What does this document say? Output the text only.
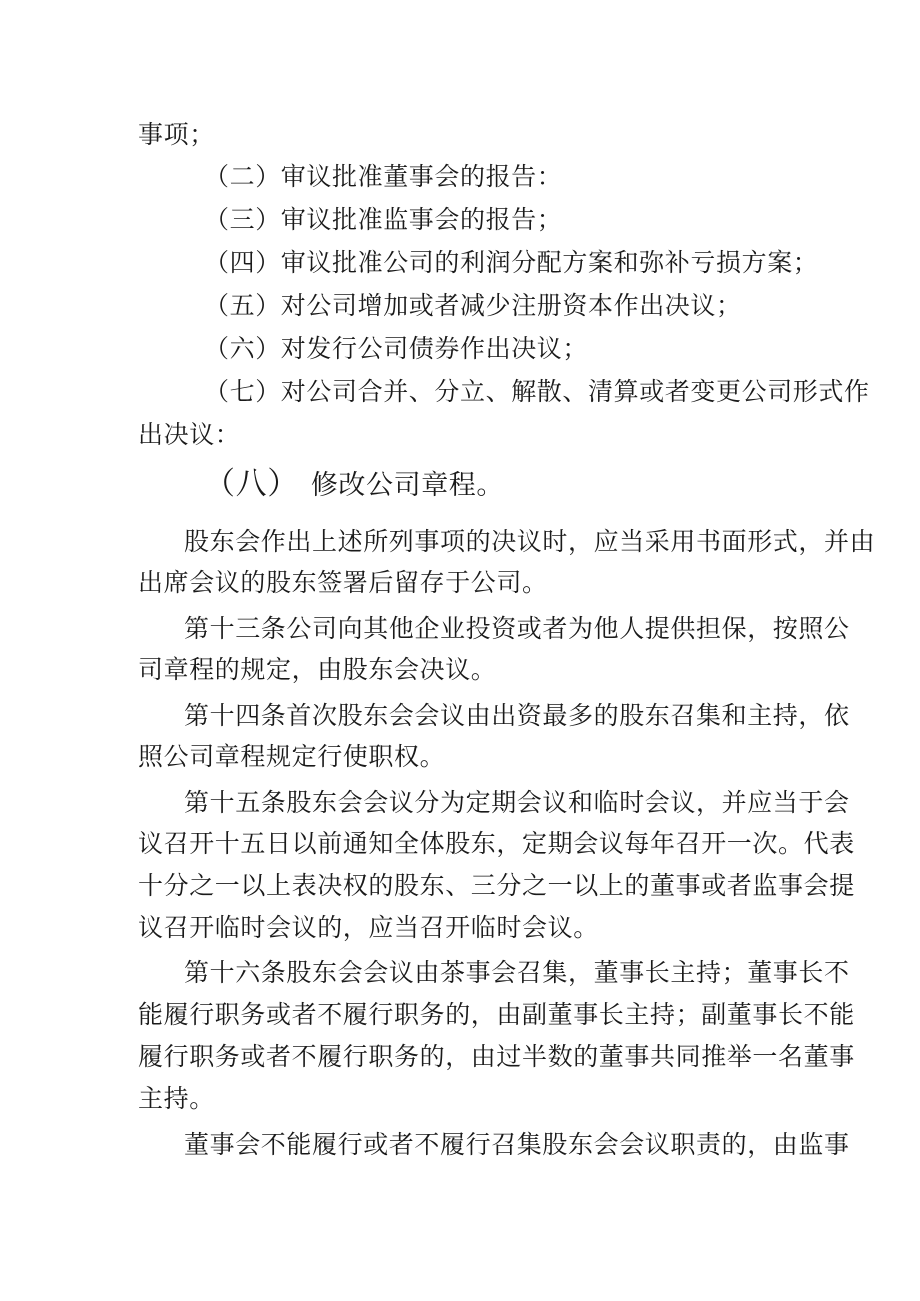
事项；
（二）审议批准董事会的报告：
（三）审议批准监事会的报告；
（四）审议批准公司的利润分配方案和弥补亏损方案；
（五）对公司增加或者减少注册资本作出决议；
（六）对发行公司债券作出决议；
（七）对公司合并、分立、解散、清算或者变更公司形式作
出决议：
（八） 修改公司章程。
股东会作出上述所列事项的决议时，应当采用书面形式，并由
出席会议的股东签署后留存于公司。
第十三条公司向其他企业投资或者为他人提供担保，按照公
司章程的规定，由股东会决议。
第十四条首次股东会会议由出资最多的股东召集和主持，依
照公司章程规定行使职权。
第十五条股东会会议分为定期会议和临时会议，并应当于会
议召开十五日以前通知全体股东，定期会议每年召开一次。代表
十分之一以上表决权的股东、三分之一以上的董事或者监事会提
议召开临时会议的，应当召开临时会议。
第十六条股东会会议由茶事会召集，董事长主持；董事长不
能履行职务或者不履行职务的，由副董事长主持；副董事长不能
履行职务或者不履行职务的，由过半数的董事共同推举一名董事
主持。
董事会不能履行或者不履行召集股东会会议职责的，由监事
